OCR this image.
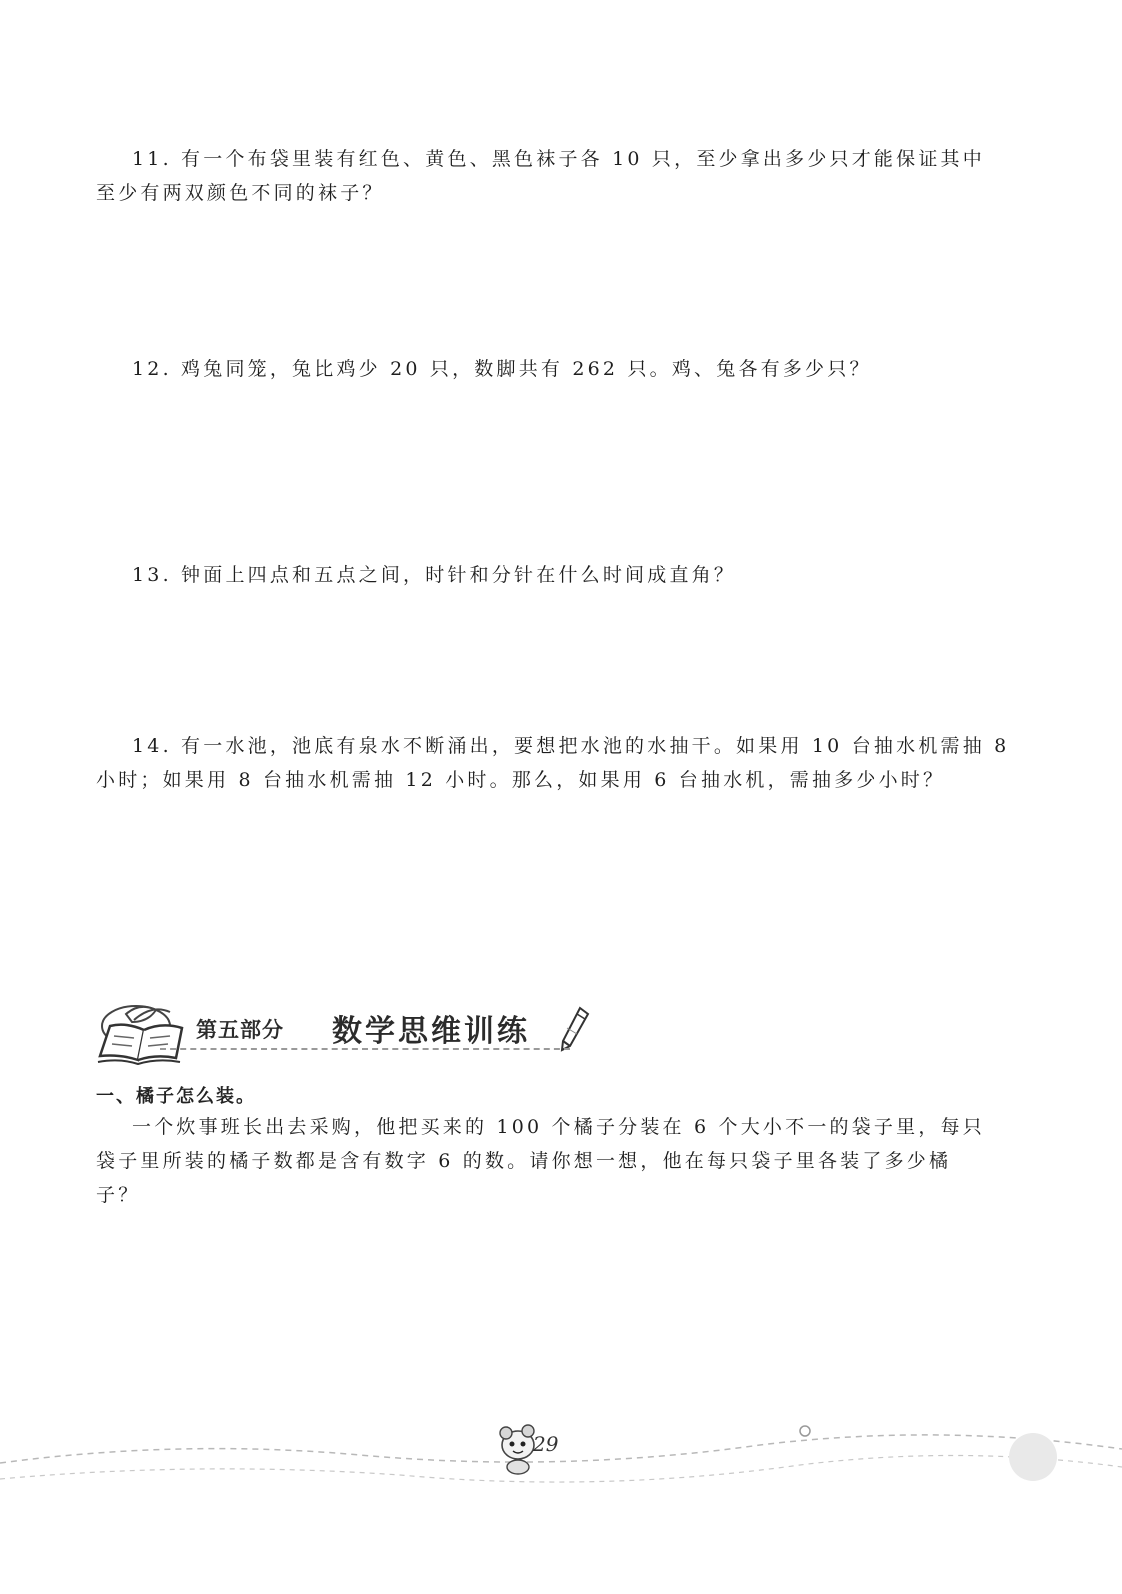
11. 有一个布袋里装有红色、黄色、黑色袜子各 10 只，至少拿出多少只才能保证其中
至少有两双颜色不同的袜子？
12. 鸡兔同笼，兔比鸡少 20 只，数脚共有 262 只。鸡、兔各有多少只？
13. 钟面上四点和五点之间，时针和分针在什么时间成直角？
14. 有一水池，池底有泉水不断涌出，要想把水池的水抽干。如果用 10 台抽水机需抽 8
小时；如果用 8 台抽水机需抽 12 小时。那么，如果用 6 台抽水机，需抽多少小时？
第五部分 数学思维训练
一、橘子怎么装。
一个炊事班长出去采购，他把买来的 100 个橘子分装在 6 个大小不一的袋子里，每只
袋子里所装的橘子数都是含有数字 6 的数。请你想一想，他在每只袋子里各装了多少橘
子？
29
